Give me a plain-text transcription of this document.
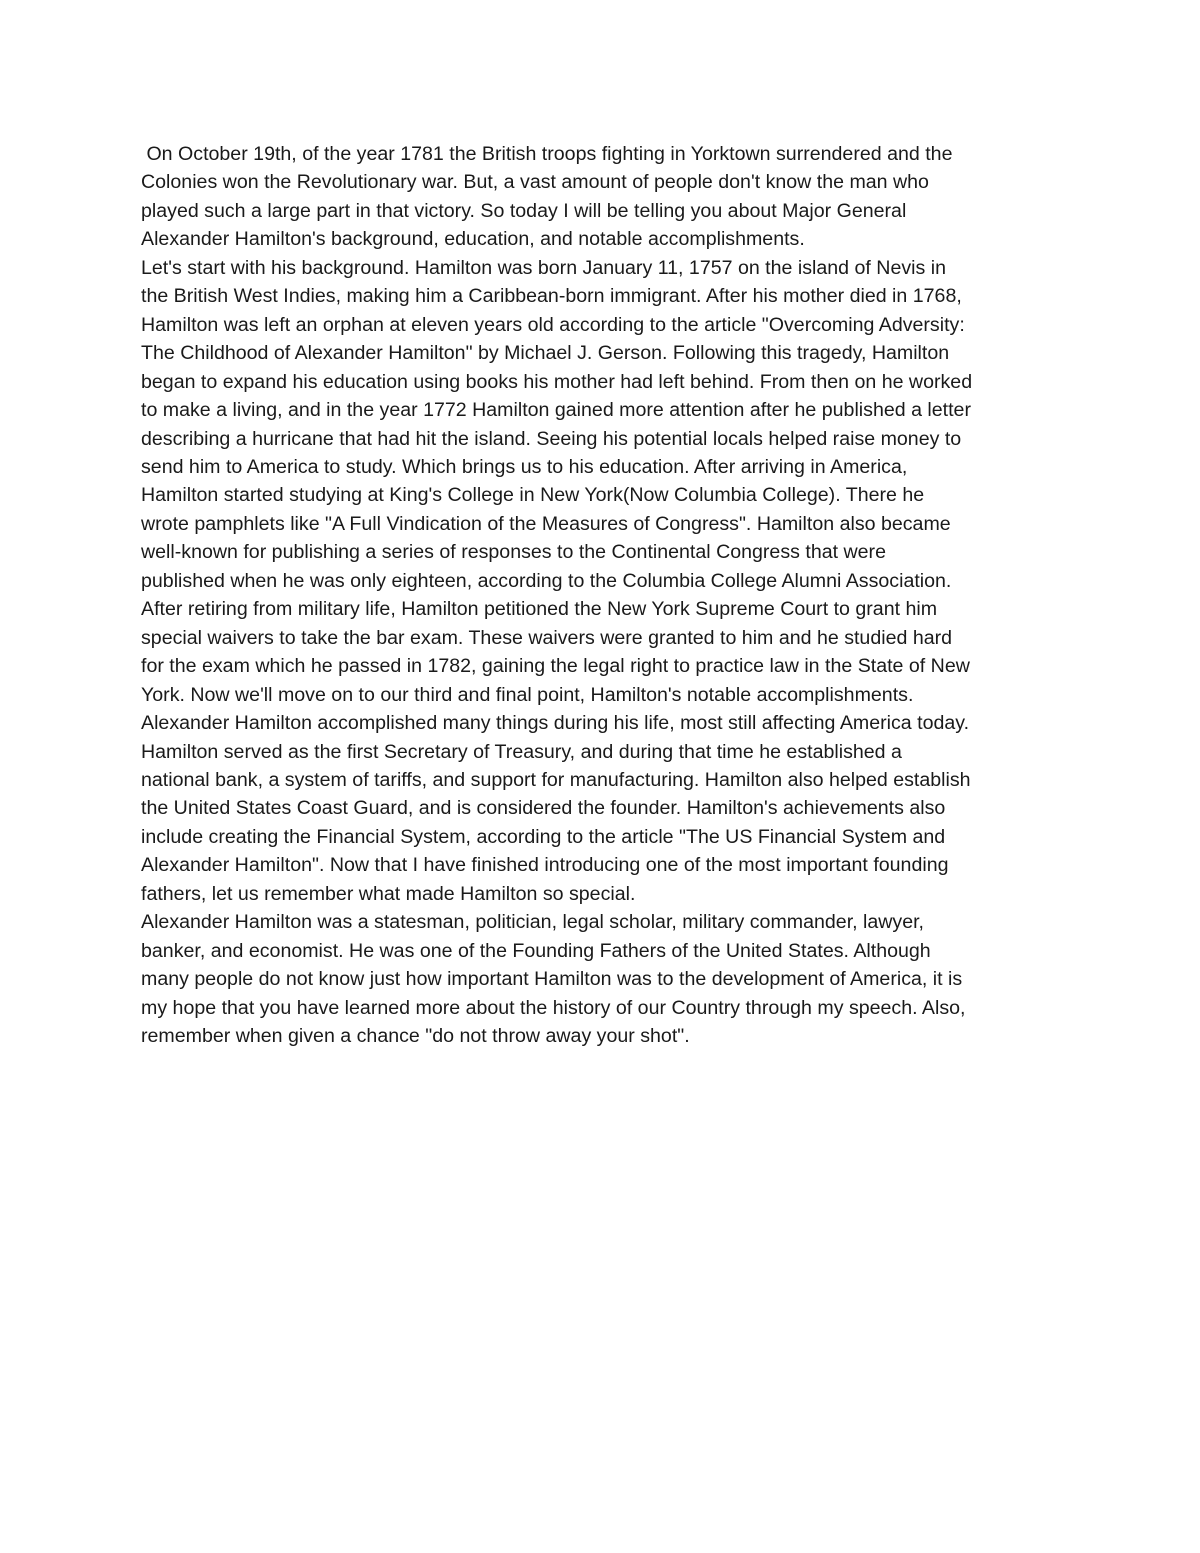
On October 19th, of the year 1781 the British troops fighting in Yorktown surrendered and the
Colonies won the Revolutionary war. But, a vast amount of people don't know the man who
played such a large part in that victory. So today I will be telling you about Major General
Alexander Hamilton's background, education, and notable accomplishments.
Let's start with his background. Hamilton was born January 11, 1757 on the island of Nevis in
the British West Indies, making him a Caribbean-born immigrant. After his mother died in 1768,
Hamilton was left an orphan at eleven years old according to the article "Overcoming Adversity:
The Childhood of Alexander Hamilton" by Michael J. Gerson. Following this tragedy, Hamilton
began to expand his education using books his mother had left behind. From then on he worked
to make a living, and in the year 1772 Hamilton gained more attention after he published a letter
describing a hurricane that had hit the island. Seeing his potential locals helped raise money to
send him to America to study. Which brings us to his education. After arriving in America,
Hamilton started studying at King's College in New York(Now Columbia College). There he
wrote pamphlets like "A Full Vindication of the Measures of Congress". Hamilton also became
well-known for publishing a series of responses to the Continental Congress that were
published when he was only eighteen, according to the Columbia College Alumni Association.
After retiring from military life, Hamilton petitioned the New York Supreme Court to grant him
special waivers to take the bar exam. These waivers were granted to him and he studied hard
for the exam which he passed in 1782, gaining the legal right to practice law in the State of New
York. Now we'll move on to our third and final point, Hamilton's notable accomplishments.
Alexander Hamilton accomplished many things during his life, most still affecting America today.
Hamilton served as the first Secretary of Treasury, and during that time he established a
national bank, a system of tariffs, and support for manufacturing. Hamilton also helped establish
the United States Coast Guard, and is considered the founder. Hamilton's achievements also
include creating the Financial System, according to the article "The US Financial System and
Alexander Hamilton". Now that I have finished introducing one of the most important founding
fathers, let us remember what made Hamilton so special.
Alexander Hamilton was a statesman, politician, legal scholar, military commander, lawyer,
banker, and economist. He was one of the Founding Fathers of the United States. Although
many people do not know just how important Hamilton was to the development of America, it is
my hope that you have learned more about the history of our Country through my speech. Also,
remember when given a chance "do not throw away your shot".
